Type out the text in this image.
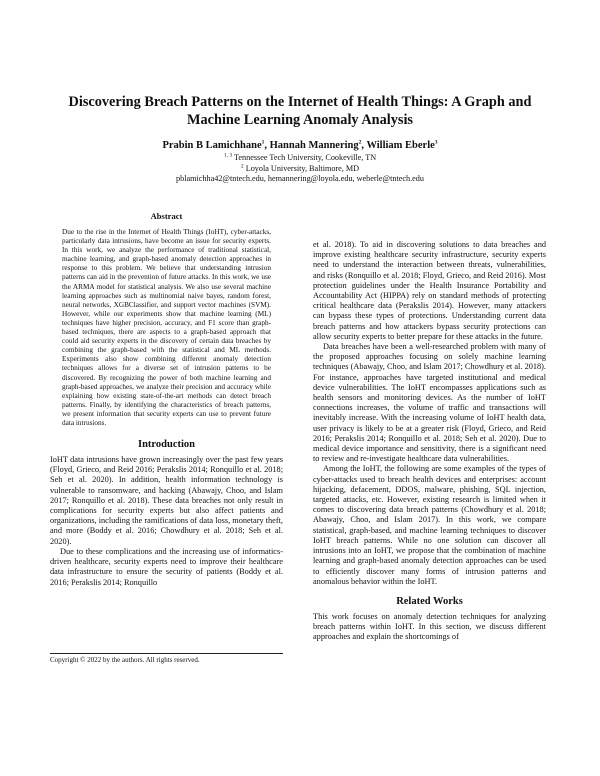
Discovering Breach Patterns on the Internet of Health Things: A Graph and Machine Learning Anomaly Analysis
Prabin B Lamichhane$^1$, Hannah Mannering$^2$, William Eberle$^3$
$^{1, 3}$ Tennessee Tech University, Cookeville, TN
$^2$ Loyola University, Baltimore, MD
pblamichha42@tntech.edu, hemannering@loyola.edu, weberle@tntech.edu
Abstract

Due to the rise in the Internet of Health Things (IoHT), cyber-attacks, particularly data intrusions, have become an issue for security experts. In this work, we analyze the performance of traditional statistical, machine learning, and graph-based anomaly detection approaches in response to this problem. We believe that understanding intrusion patterns can aid in the prevention of future attacks. In this work, we use the ARMA model for statistical analysis. We also use several machine learning approaches such as multinomial naive bayes, random forest, neural networks, XGBClassifier, and support vector machines (SVM). However, while our experiments show that machine learning (ML) techniques have higher precision, accuracy, and F1 score than graph-based techniques, there are aspects to a graph-based approach that could aid security experts in the discovery of certain data breaches by combining the graph-based with the statistical and ML methods. Experiments also show combining different anomaly detection techniques allows for a diverse set of intrusion patterns to be discovered. By recognizing the power of both machine learning and graph-based approaches, we analyze their precision and accuracy while explaining how existing state-of-the-art methods can detect breach patterns. Finally, by identifying the characteristics of breach patterns, we present information that security experts can use to prevent future data intrusions.

Introduction

IoHT data intrusions have grown increasingly over the past few years (Floyd, Grieco, and Reid 2016; Perakslis 2014; Ronquillo et al. 2018; Seh et al. 2020). In addition, health information technology is vulnerable to ransomware, and hacking (Abawajy, Choo, and Islam 2017; Ronquillo et al. 2018). These data breaches not only result in complications for security experts but also affect patients and organizations, including the ramifications of data loss, monetary theft, and more (Boddy et al. 2016; Chowdhury et al. 2018; Seh et al. 2020).

Due to these complications and the increasing use of informatics-driven healthcare, security experts need to improve their healthcare data infrastructure to ensure the security of patients (Boddy et al. 2016; Perakslis 2014; Ronquillo

Copyright © 2022 by the authors. All rights reserved.

et al. 2018). To aid in discovering solutions to data breaches and improve existing healthcare security infrastructure, security experts need to understand the interaction between threats, vulnerabilities, and risks (Ronquillo et al. 2018; Floyd, Grieco, and Reid 2016). Most protection guidelines under the Health Insurance Portability and Accountability Act (HIPPA) rely on standard methods of protecting critical healthcare data (Perakslis 2014). However, many attackers can bypass these types of protections. Understanding current data breach patterns and how attackers bypass security protections can allow security experts to better prepare for these attacks in the future.

Data breaches have been a well-researched problem with many of the proposed approaches focusing on solely machine learning techniques (Abawajy, Choo, and Islam 2017; Chowdhury et al. 2018). For instance, approaches have targeted institutional and medical device vulnerabilities. The IoHT encompasses applications such as health sensors and monitoring devices. As the number of IoHT connections increases, the volume of traffic and transactions will inevitably increase. With the increasing volume of IoHT health data, user privacy is likely to be at a greater risk (Floyd, Grieco, and Reid 2016; Perakslis 2014; Ronquillo et al. 2018; Seh et al. 2020). Due to medical device importance and sensitivity, there is a significant need to review and re-investigate healthcare data vulnerabilities.

Among the IoHT, the following are some examples of the types of cyber-attacks used to breach health devices and enterprises: account hijacking, defacement, DDOS, malware, phishing, SQL injection, targeted attacks, etc. However, existing research is limited when it comes to discovering data breach patterns (Chowdhury et al. 2018; Abawajy, Choo, and Islam 2017). In this work, we compare statistical, graph-based, and machine learning techniques to discover IoHT breach patterns. While no one solution can discover all intrusions into an IoHT, we propose that the combination of machine learning and graph-based anomaly detection approaches can be used to efficiently discover many forms of intrusion patterns and anomalous behavior within the IoHT.

Related Works

This work focuses on anomaly detection techniques for analyzing breach patterns within IoHT. In this section, we discuss different approaches and explain the shortcomings of
